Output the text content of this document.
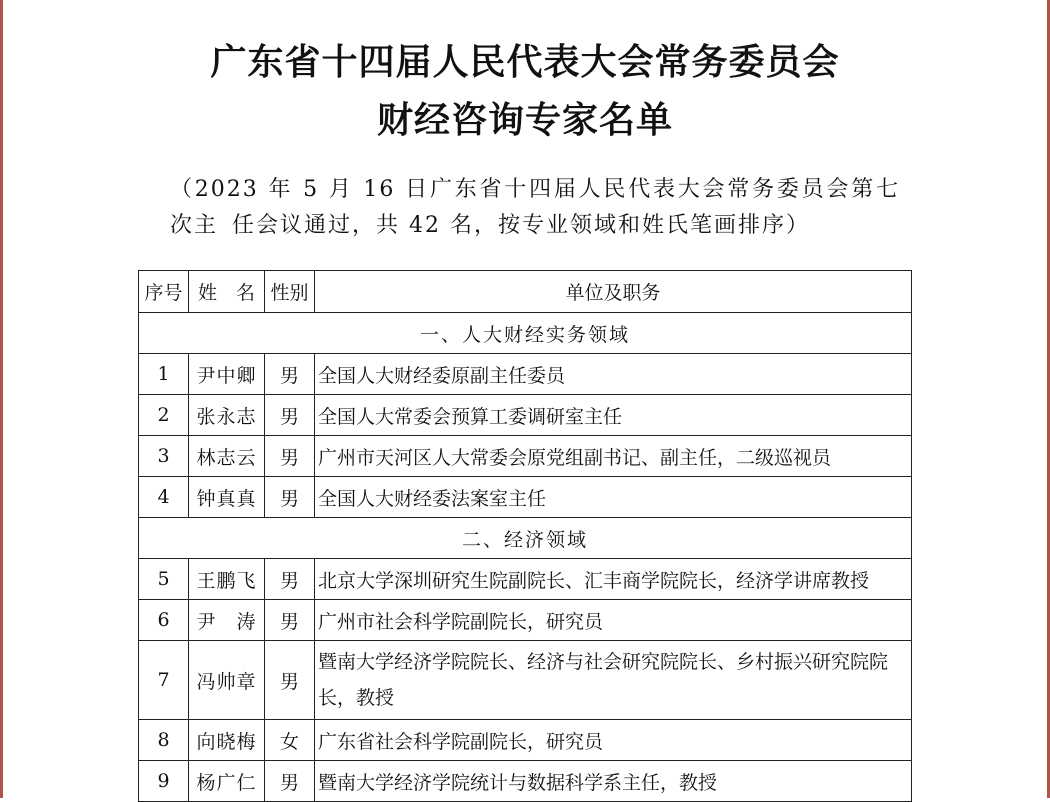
广东省十四届人民代表大会常务委员会
财经咨询专家名单
（2023 年 5 月 16 日广东省十四届人民代表大会常务委员会第七次主 任会议通过，共 42 名，按专业领域和姓氏笔画排序）
序号	姓　名	性别	单位及职务
一、人大财经实务领域			
1	尹中卿	男	全国人大财经委原副主任委员
2	张永志	男	全国人大常委会预算工委调研室主任
3	林志云	男	广州市天河区人大常委会原党组副书记、副主任，二级巡视员
4	钟真真	男	全国人大财经委法案室主任
二、经济领域			
5	王鹏飞	男	北京大学深圳研究生院副院长、汇丰商学院院长，经济学讲席教授
6	尹　涛	男	广州市社会科学院副院长，研究员
7	冯帅章	男	暨南大学经济学院院长、经济与社会研究院院长、乡村振兴研究院院长，教授
8	向晓梅	女	广东省社会科学院副院长，研究员
9	杨广仁	男	暨南大学经济学院统计与数据科学系主任，教授
